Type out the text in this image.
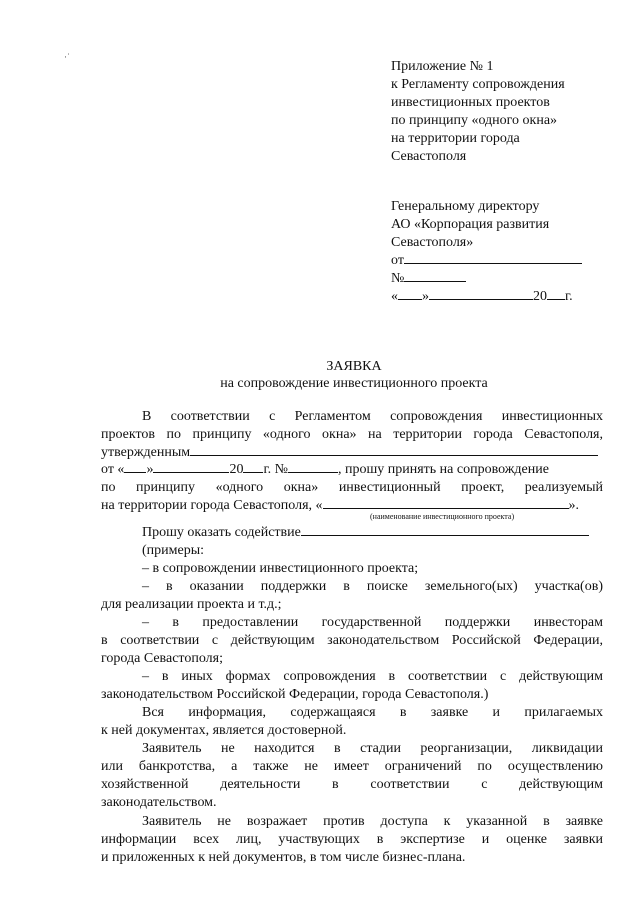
·˙
Приложение № 1
к Регламенту сопровождения
инвестиционных проектов
по принципу «одного окна»
на территории города
Севастополя
Генеральному директору
АО «Корпорация развития
Севастополя»
от
№
« »	20 г.
ЗАЯВКА
на сопровождение инвестиционного проекта
В соответствии с Регламентом сопровождения инвестиционных
проектов по принципу «одного окна» на территории города Севастополя,
утвержденным
от « »	20 г. №	, прошу принять на сопровождение
по принципу «одного окна» инвестиционный проект, реализуемый
на территории города Севастополя, «	».
(наименование инвестиционного проекта)
Прошу оказать содействие
(примеры:
– в сопровождении инвестиционного проекта;
– в оказании поддержки в поиске земельного(ых) участка(ов)
для реализации проекта и т.д.;
– в предоставлении государственной поддержки инвесторам
в соответствии с действующим законодательством Российской Федерации,
города Севастополя;
– в иных формах сопровождения в соответствии с действующим
законодательством Российской Федерации, города Севастополя.)
Вся информация, содержащаяся в заявке и прилагаемых
к ней документах, является достоверной.
Заявитель не находится в стадии реорганизации, ликвидации
или банкротства, а также не имеет ограничений по осуществлению
хозяйственной деятельности в соответствии с действующим
законодательством.
Заявитель не возражает против доступа к указанной в заявке
информации всех лиц, участвующих в экспертизе и оценке заявки
и приложенных к ней документов, в том числе бизнес-плана.
